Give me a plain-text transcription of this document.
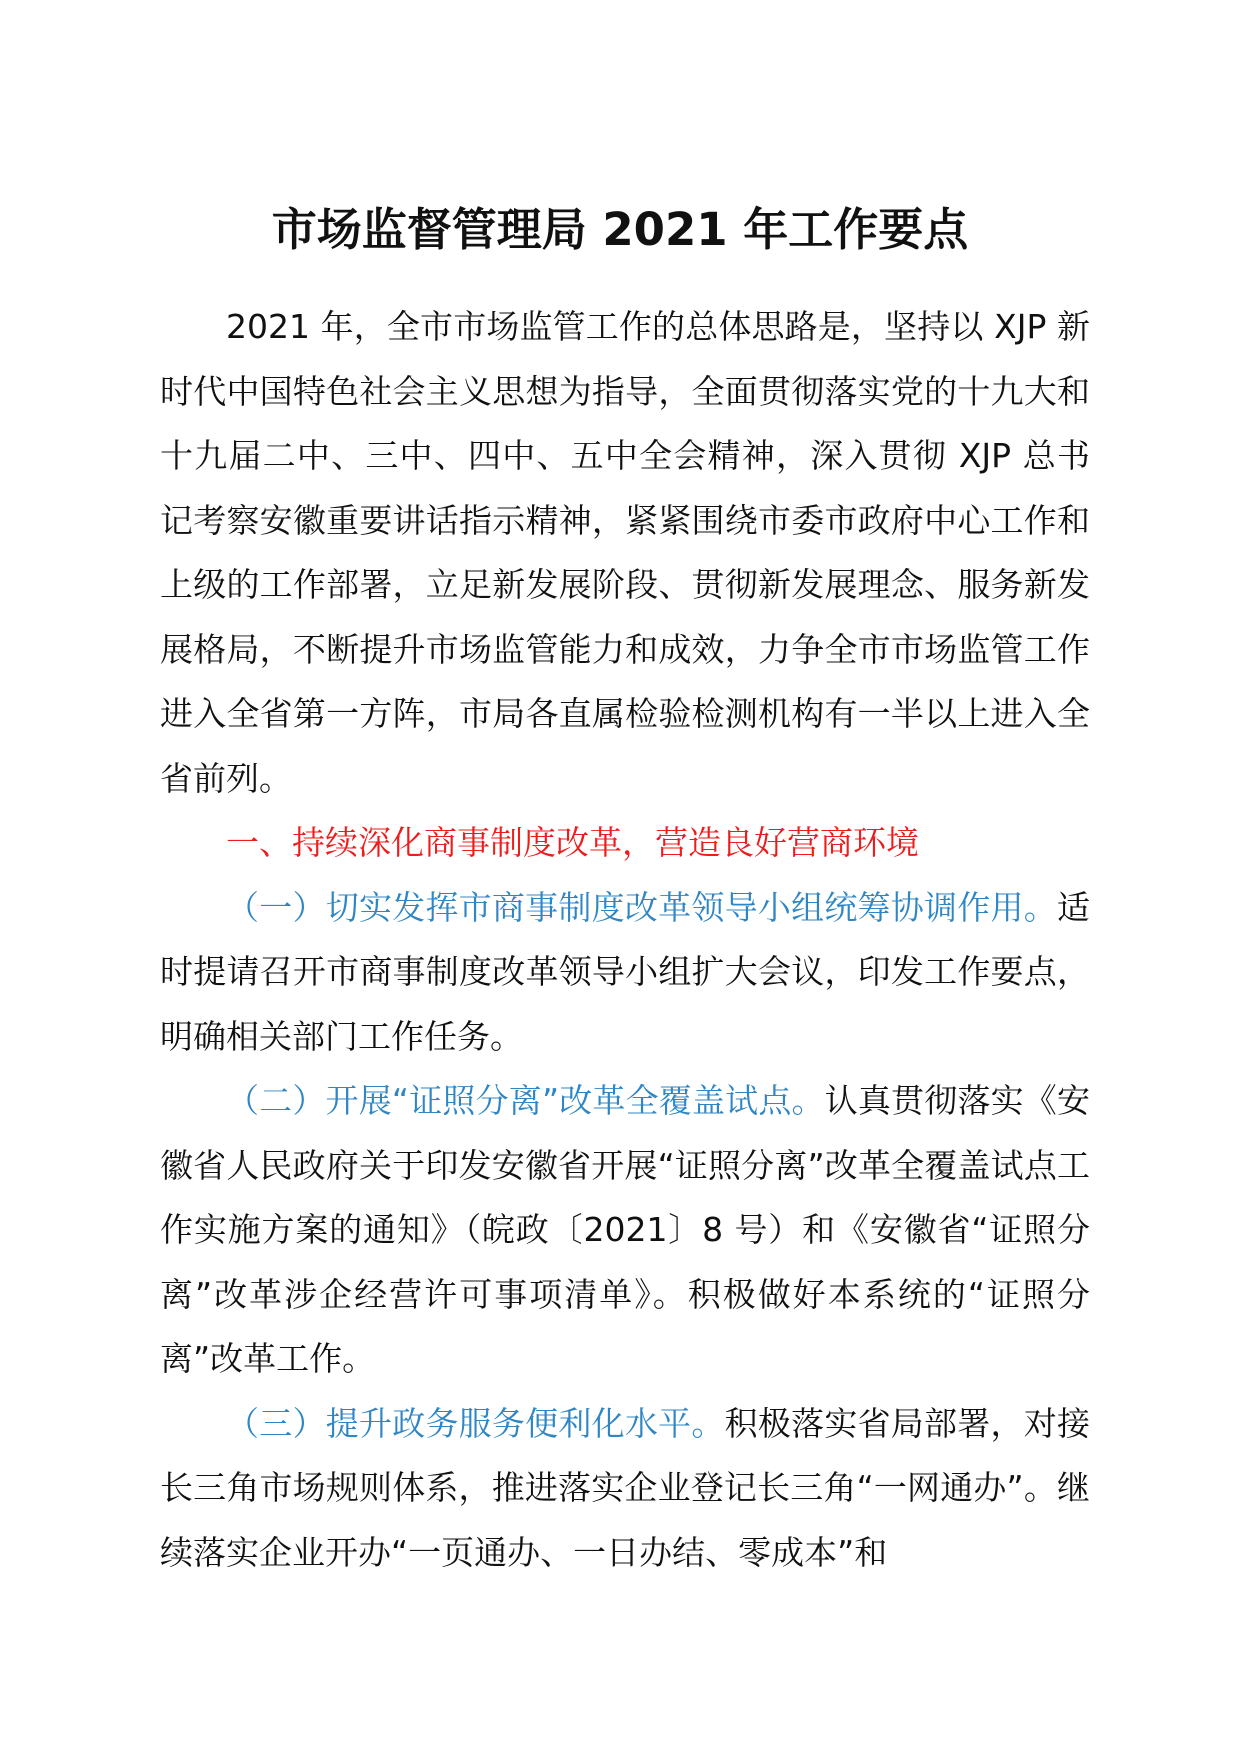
市场监督管理局 2021 年工作要点

2021 年，全市市场监管工作的总体思路是，坚持以 XJP 新时代中国特色社会主义思想为指导，全面贯彻落实党的十九大和十九届二中、三中、四中、五中全会精神，深入贯彻 XJP 总书记考察安徽重要讲话指示精神，紧紧围绕市委市政府中心工作和上级的工作部署，立足新发展阶段、贯彻新发展理念、服务新发展格局，不断提升市场监管能力和成效，力争全市市场监管工作进入全省第一方阵，市局各直属检验检测机构有一半以上进入全省前列。

一、持续深化商事制度改革，营造良好营商环境

（一）切实发挥市商事制度改革领导小组统筹协调作用。适时提请召开市商事制度改革领导小组扩大会议，印发工作要点，明确相关部门工作任务。

（二）开展“证照分离”改革全覆盖试点。认真贯彻落实《安徽省人民政府关于印发安徽省开展“证照分离”改革全覆盖试点工作实施方案的通知》（皖政〔2021〕8 号）和《安徽省“证照分离”改革涉企经营许可事项清单》。积极做好本系统的“证照分离”改革工作。

（三）提升政务服务便利化水平。积极落实省局部署，对接长三角市场规则体系，推进落实企业登记长三角“一网通办”。继续落实企业开办“一页通办、一日办结、零成本”和
